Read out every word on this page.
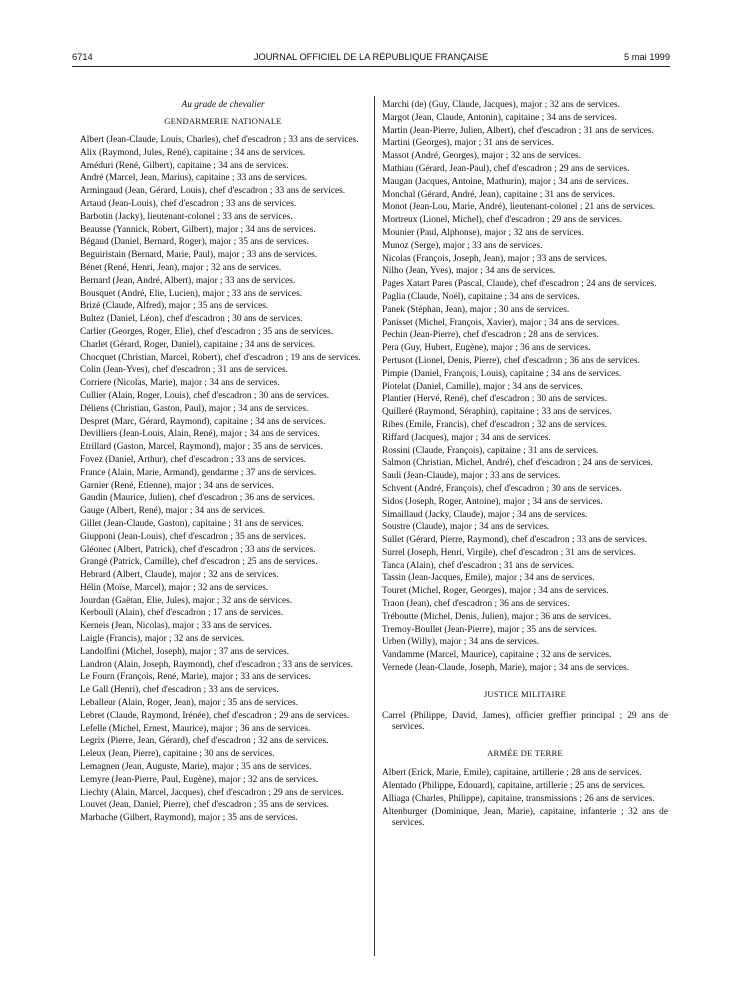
6714	JOURNAL OFFICIEL DE LA RÉPUBLIQUE FRANÇAISE	5 mai 1999

Au grade de chevalier

GENDARMERIE NATIONALE

Albert (Jean-Claude, Louis, Charles), chef d'escadron ; 33 ans de services.

Alix (Raymond, Jules, René), capitaine ; 34 ans de services.

Améduri (René, Gilbert), capitaine ; 34 ans de services.

André (Marcel, Jean, Marius), capitaine ; 33 ans de services.

Armingaud (Jean, Gérard, Louis), chef d'escadron ; 33 ans de services.

Artaud (Jean-Louis), chef d'escadron ; 33 ans de services.

Barbotin (Jacky), lieutenant-colonel ; 33 ans de services.

Beausse (Yannick, Robert, Gilbert), major ; 34 ans de services.

Bégaud (Daniel, Bernard, Roger), major ; 35 ans de services.

Beguiristain (Bernard, Marie, Paul), major ; 33 ans de services.

Bénet (René, Henri, Jean), major ; 32 ans de services.

Bernard (Jean, André, Albert), major ; 33 ans de services.

Bousquet (André, Elie, Lucien), major ; 33 ans de services.

Brizé (Claude, Alfred), major ; 35 ans de services.

Bultez (Daniel, Léon), chef d'escadron ; 30 ans de services.

Carlier (Georges, Roger, Elie), chef d'escadron ; 35 ans de services.

Charlet (Gérard, Roger, Daniel), capitaine ; 34 ans de services.

Chocquet (Christian, Marcel, Robert), chef d'escadron ; 19 ans de services.

Colin (Jean-Yves), chef d'escadron ; 31 ans de services.

Corriere (Nicolas, Marie), major ; 34 ans de services.

Cullier (Alain, Roger, Louis), chef d'escadron ; 30 ans de services.

Déliens (Christian, Gaston, Paul), major ; 34 ans de services.

Despret (Marc, Gérard, Raymond), capitaine ; 34 ans de services.

Devilliers (Jean-Louis, Alain, René), major ; 34 ans de services.

Etrillard (Gaston, Marcel, Raymond), major ; 35 ans de services.

Fovez (Daniel, Arthur), chef d'escadron ; 33 ans de services.

France (Alain, Marie, Armand), gendarme ; 37 ans de services.

Garnier (René, Etienne), major ; 34 ans de services.

Gaudin (Maurice, Julien), chef d'escadron ; 36 ans de services.

Gauge (Albert, René), major ; 34 ans de services.

Gillet (Jean-Claude, Gaston), capitaine ; 31 ans de services.

Giupponi (Jean-Louis), chef d'escadron ; 35 ans de services.

Gléonec (Albert, Patrick), chef d'escadron ; 33 ans de services.

Grangé (Patrick, Camille), chef d'escadron ; 25 ans de services.

Hebrard (Albert, Claude), major ; 32 ans de services.

Hélin (Moïse, Marcel), major ; 32 ans de services.

Jourdan (Gaëtan, Elie, Jules), major ; 32 ans de services.

Kerboull (Alain), chef d'escadron ; 17 ans de services.

Kerneis (Jean, Nicolas), major ; 33 ans de services.

Laigle (Francis), major ; 32 ans de services.

Landolfini (Michel, Joseph), major ; 37 ans de services.

Landron (Alain, Joseph, Raymond), chef d'escadron ; 33 ans de services.

Le Fourn (François, René, Marie), major ; 33 ans de services.

Le Gall (Henri), chef d'escadron ; 33 ans de services.

Leballeur (Alain, Roger, Jean), major ; 35 ans de services.

Lebret (Claude, Raymond, Irénée), chef d'escadron ; 29 ans de services.

Lefelle (Michel, Ernest, Maurice), major ; 36 ans de services.

Legrix (Pierre, Jean, Gérard), chef d'escadron ; 32 ans de services.

Leleux (Jean, Pierre), capitaine ; 30 ans de services.

Lemagnen (Jean, Auguste, Marie), major ; 35 ans de services.

Lemyre (Jean-Pierre, Paul, Eugène), major ; 32 ans de services.

Liechty (Alain, Marcel, Jacques), chef d'escadron ; 29 ans de services.

Louvet (Jean, Daniel, Pierre), chef d'escadron ; 35 ans de services.

Marbache (Gilbert, Raymond), major ; 35 ans de services.

Marchi (de) (Guy, Claude, Jacques), major ; 32 ans de services.

Margot (Jean, Claude, Antonin), capitaine ; 34 ans de services.

Martin (Jean-Pierre, Julien, Albert), chef d'escadron ; 31 ans de services.

Martini (Georges), major ; 31 ans de services.

Massot (André, Georges), major ; 32 ans de services.

Mathiau (Gérard, Jean-Paul), chef d'escadron ; 29 ans de services.

Maugan (Jacques, Antoine, Mathurin), major ; 34 ans de services.

Monchal (Gérard, André, Jean), capitaine ; 31 ans de services.

Monot (Jean-Lou, Marie, André), lieutenant-colonel ; 21 ans de services.

Mortreux (Lionel, Michel), chef d'escadron ; 29 ans de services.

Mounier (Paul, Alphonse), major ; 32 ans de services.

Munoz (Serge), major ; 33 ans de services.

Nicolas (François, Joseph, Jean), major ; 33 ans de services.

Nilho (Jean, Yves), major ; 34 ans de services.

Pages Xatart Pares (Pascal, Claude), chef d'escadron ; 24 ans de services.

Paglia (Claude, Noël), capitaine ; 34 ans de services.

Panek (Stéphan, Jean), major ; 30 ans de services.

Panisset (Michel, François, Xavier), major ; 34 ans de services.

Pechin (Jean-Pierre), chef d'escadron ; 28 ans de services.

Pera (Guy, Hubert, Eugène), major ; 36 ans de services.

Pertusot (Lionel, Denis, Pierre), chef d'escadron ; 36 ans de services.

Pimpie (Daniel, François, Louis), capitaine ; 34 ans de services.

Piotelat (Daniel, Camille), major ; 34 ans de services.

Plantier (Hervé, René), chef d'escadron ; 30 ans de services.

Quilleré (Raymond, Séraphin), capitaine ; 33 ans de services.

Ribes (Emile, Francis), chef d'escadron ; 32 ans de services.

Riffard (Jacques), major ; 34 ans de services.

Rossini (Claude, François), capitaine ; 31 ans de services.

Salmon (Christian, Michel, André), chef d'escadron ; 24 ans de services.

Sauli (Jean-Claude), major ; 33 ans de services.

Schvent (André, François), chef d'escadron ; 30 ans de services.

Sidos (Joseph, Roger, Antoine), major ; 34 ans de services.

Simaillaud (Jacky, Claude), major ; 34 ans de services.

Soustre (Claude), major ; 34 ans de services.

Sullet (Gérard, Pierre, Raymond), chef d'escadron ; 33 ans de services.

Surrel (Joseph, Henri, Virgile), chef d'escadron ; 31 ans de services.

Tanca (Alain), chef d'escadron ; 31 ans de services.

Tassin (Jean-Jacques, Emile), major ; 34 ans de services.

Touret (Michel, Roger, Georges), major ; 34 ans de services.

Traon (Jean), chef d'escadron ; 36 ans de services.

Tréboutte (Michel, Denis, Julien), major ; 36 ans de services.

Tremoy-Boullet (Jean-Pierre), major ; 35 ans de services.

Urben (Willy), major ; 34 ans de services.

Vandamme (Marcel, Maurice), capitaine ; 32 ans de services.

Vernede (Jean-Claude, Joseph, Marie), major ; 34 ans de services.

JUSTICE MILITAIRE

Carrel (Philippe, David, James), officier greffier principal ; 29 ans de services.

ARMÉE DE TERRE

Albert (Erick, Marie, Emile), capitaine, artillerie ; 28 ans de services.

Alentado (Philippe, Edouard), capitaine, artillerie ; 25 ans de services.

Alliaga (Charles, Philippe), capitaine, transmissions ; 26 ans de services.

Altenburger (Dominique, Jean, Marie), capitaine, infanterie ; 32 ans de services.
